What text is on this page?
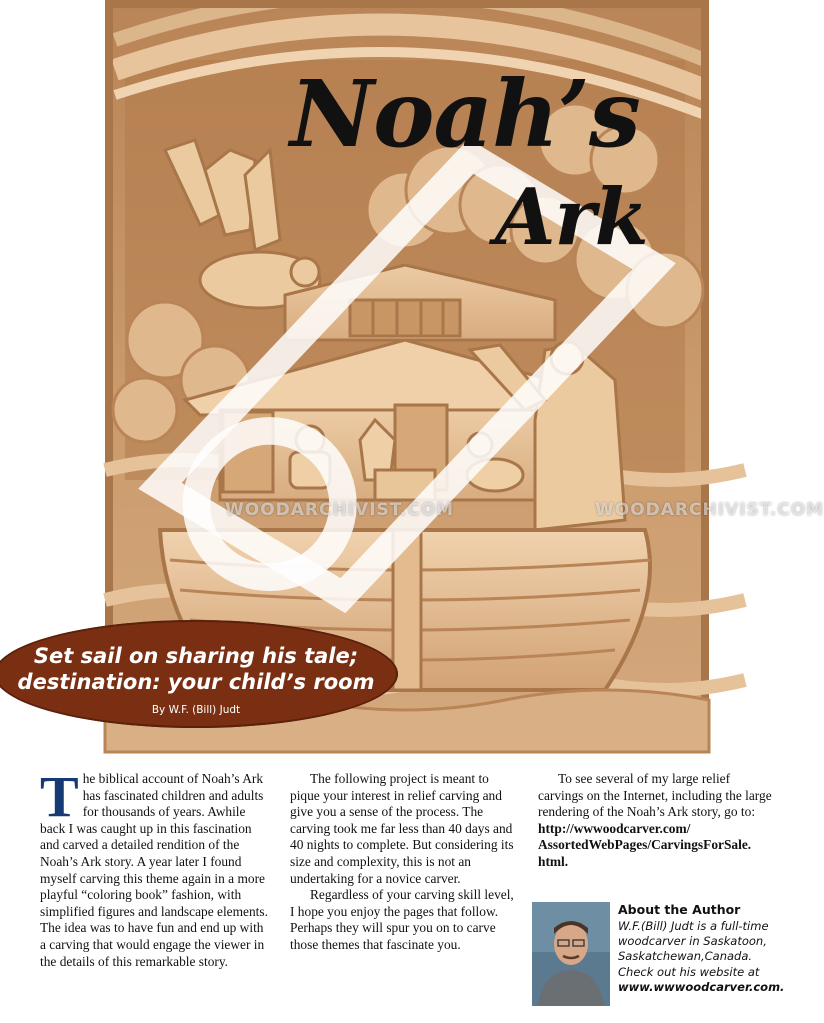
WOODARCHIVIST.COM	WOODARCHIVIST.COM
Noah’s
Ark
Set sail on sharing his tale;
destination: your child’s room
By W.F. (Bill) Judt

The biblical account of Noah’s Ark has fascinated children and adults for thousands of years. Awhile back I was caught up in this fascination and carved a detailed rendition of the Noah’s Ark story. A year later I found myself carving this theme again in a more playful “coloring book” fashion, with simplified figures and landscape elements. The idea was to have fun and end up with a carving that would engage the viewer in the details of this remarkable story.

The following project is meant to pique your interest in relief carving and give you a sense of the process. The carving took me far less than 40 days and 40 nights to complete. But considering its size and complexity, this is not an undertaking for a novice carver.

Regardless of your carving skill level, I hope you enjoy the pages that follow. Perhaps they will spur you on to carve those themes that fascinate you.

To see several of my large relief carvings on the Internet, including the large rendering of the Noah’s Ark story, go to: http://wwwoodcarver.com/ AssortedWebPages/CarvingsForSale. html.

About the Author

W.F.(Bill) Judt is a full-time woodcarver in Saskatoon, Saskatchewan,Canada. Check out his website at

www.wwwoodcarver.com.
